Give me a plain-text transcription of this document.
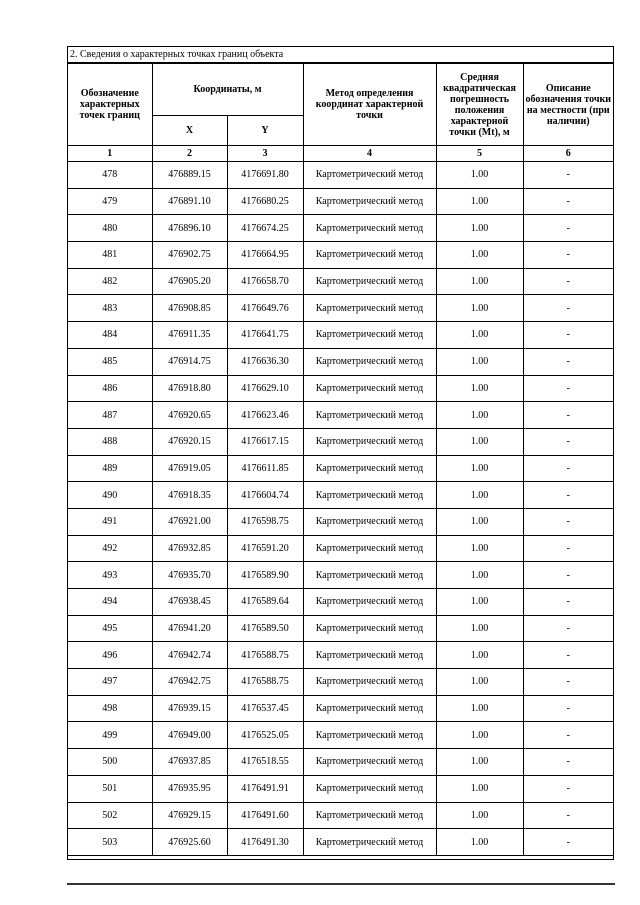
2. Сведения о характерных точках границ объекта
Обозначение характерных точек границ	Координаты, м		Метод определения координат характерной точки	Средняя квадратическая погрешность положения характерной точки (Mt), м	Описание обозначения точки на местности (при наличии)
	X	Y			
1	2	3	4	5	6
478	476889.15	4176691.80	Картометрический метод	1.00	-
479	476891.10	4176680.25	Картометрический метод	1.00	-
480	476896.10	4176674.25	Картометрический метод	1.00	-
481	476902.75	4176664.95	Картометрический метод	1.00	-
482	476905.20	4176658.70	Картометрический метод	1.00	-
483	476908.85	4176649.76	Картометрический метод	1.00	-
484	476911.35	4176641.75	Картометрический метод	1.00	-
485	476914.75	4176636.30	Картометрический метод	1.00	-
486	476918.80	4176629.10	Картометрический метод	1.00	-
487	476920.65	4176623.46	Картометрический метод	1.00	-
488	476920.15	4176617.15	Картометрический метод	1.00	-
489	476919.05	4176611.85	Картометрический метод	1.00	-
490	476918.35	4176604.74	Картометрический метод	1.00	-
491	476921.00	4176598.75	Картометрический метод	1.00	-
492	476932.85	4176591.20	Картометрический метод	1.00	-
493	476935.70	4176589.90	Картометрический метод	1.00	-
494	476938.45	4176589.64	Картометрический метод	1.00	-
495	476941.20	4176589.50	Картометрический метод	1.00	-
496	476942.74	4176588.75	Картометрический метод	1.00	-
497	476942.75	4176588.75	Картометрический метод	1.00	-
498	476939.15	4176537.45	Картометрический метод	1.00	-
499	476949.00	4176525.05	Картометрический метод	1.00	-
500	476937.85	4176518.55	Картометрический метод	1.00	-
501	476935.95	4176491.91	Картометрический метод	1.00	-
502	476929.15	4176491.60	Картометрический метод	1.00	-
503	476925.60	4176491.30	Картометрический метод	1.00	-
